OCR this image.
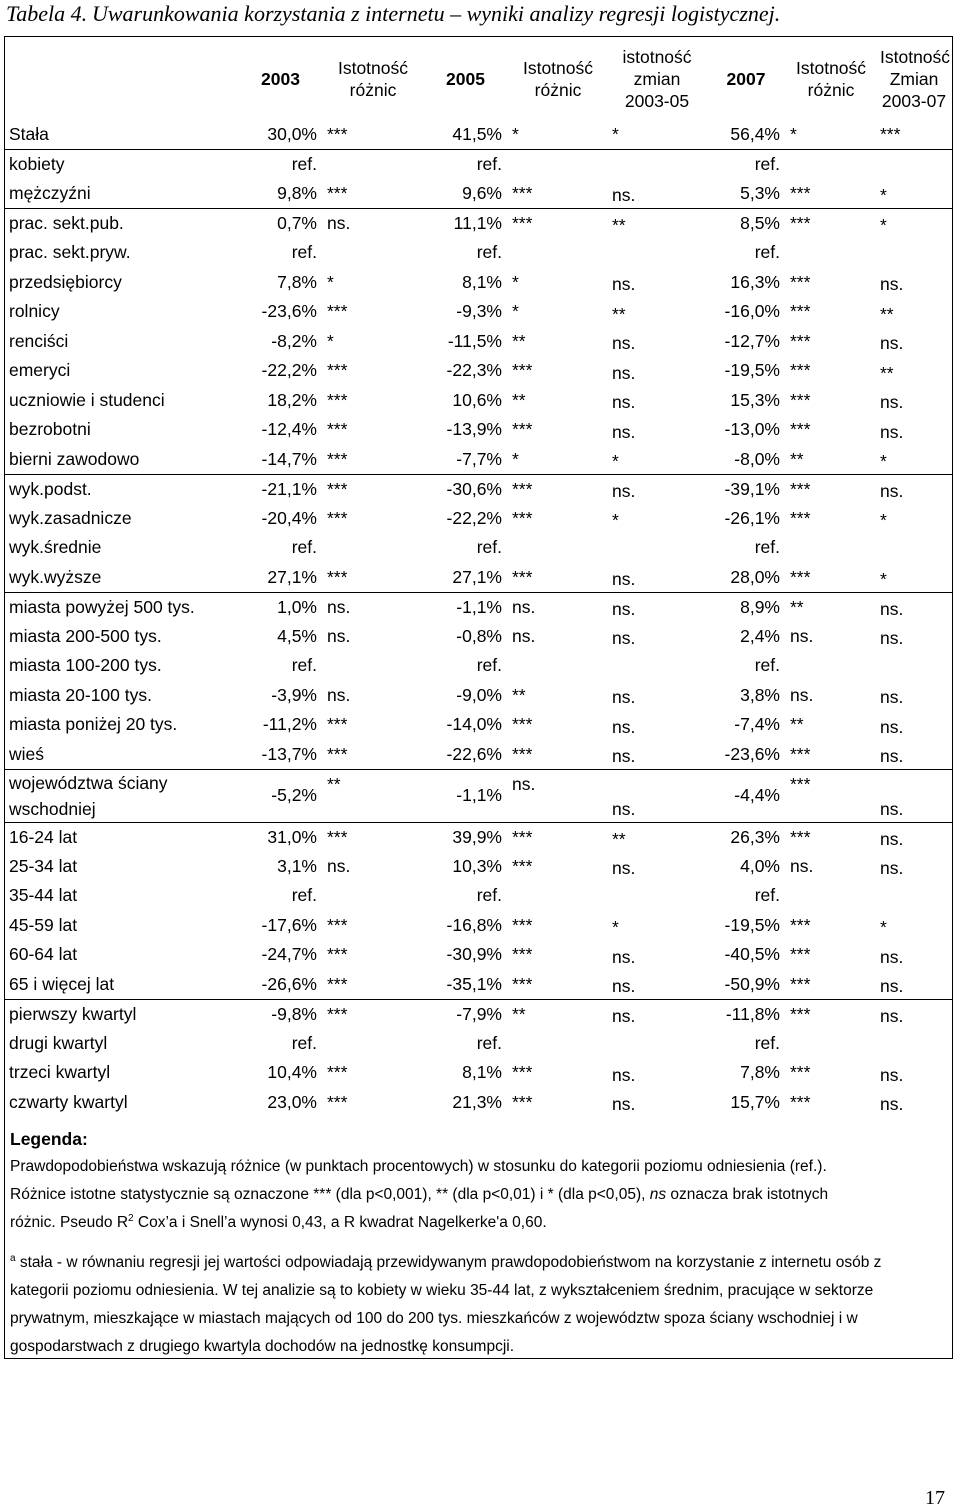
Tabela 4. Uwarunkowania korzystania z internetu – wyniki analizy regresji logistycznej.
	2003	Istotność różnic	2005	Istotność różnic	istotność zmian 2003-05	2007	Istotność różnic	Istotność Zmian 2003-07
Stała	30,0%	***	41,5%	*	*	56,4%	*	***
kobiety	ref.		ref.			ref.		
mężczyźni	9,8%	***	9,6%	***	ns.	5,3%	***	*
prac. sekt.pub.	0,7%	ns.	11,1%	***	**	8,5%	***	*
prac. sekt.pryw.	ref.		ref.			ref.		
przedsiębiorcy	7,8%	*	8,1%	*	ns.	16,3%	***	ns.
rolnicy	-23,6%	***	-9,3%	*	**	-16,0%	***	**
renciści	-8,2%	*	-11,5%	**	ns.	-12,7%	***	ns.
emeryci	-22,2%	***	-22,3%	***	ns.	-19,5%	***	**
uczniowie i studenci	18,2%	***	10,6%	**	ns.	15,3%	***	ns.
bezrobotni	-12,4%	***	-13,9%	***	ns.	-13,0%	***	ns.
bierni zawodowo	-14,7%	***	-7,7%	*	*	-8,0%	**	*
wyk.podst.	-21,1%	***	-30,6%	***	ns.	-39,1%	***	ns.
wyk.zasadnicze	-20,4%	***	-22,2%	***	*	-26,1%	***	*
wyk.średnie	ref.		ref.			ref.		
wyk.wyższe	27,1%	***	27,1%	***	ns.	28,0%	***	*
miasta powyżej 500 tys.	1,0%	ns.	-1,1%	ns.	ns.	8,9%	**	ns.
miasta 200-500 tys.	4,5%	ns.	-0,8%	ns.	ns.	2,4%	ns.	ns.
miasta 100-200 tys.	ref.		ref.			ref.		
miasta 20-100 tys.	-3,9%	ns.	-9,0%	**	ns.	3,8%	ns.	ns.
miasta poniżej 20 tys.	-11,2%	***	-14,0%	***	ns.	-7,4%	**	ns.
wieś	-13,7%	***	-22,6%	***	ns.	-23,6%	***	ns.
województwa ściany wschodniej	-5,2%	**	-1,1%	ns.	ns.	-4,4%	***	ns.
16-24 lat	31,0%	***	39,9%	***	**	26,3%	***	ns.
25-34 lat	3,1%	ns.	10,3%	***	ns.	4,0%	ns.	ns.
35-44 lat	ref.		ref.			ref.		
45-59 lat	-17,6%	***	-16,8%	***	*	-19,5%	***	*
60-64 lat	-24,7%	***	-30,9%	***	ns.	-40,5%	***	ns.
65 i więcej lat	-26,6%	***	-35,1%	***	ns.	-50,9%	***	ns.
pierwszy kwartyl	-9,8%	***	-7,9%	**	ns.	-11,8%	***	ns.
drugi kwartyl	ref.		ref.			ref.		
trzeci kwartyl	10,4%	***	8,1%	***	ns.	7,8%	***	ns.
czwarty kwartyl	23,0%	***	21,3%	***	ns.	15,7%	***	ns.
Legenda:

Prawdopodobieństwa wskazują różnice (w punktach procentowych) w stosunku do kategorii poziomu odniesienia (ref.).

Różnice istotne statystycznie są oznaczone *** (dla p<0,001), ** (dla p<0,01) i * (dla p<0,05), ns oznacza brak istotnych

różnic. Pseudo $R^2$ Cox’a i Snell’a wynosi 0,43, a R kwadrat Nagelkerke'a 0,60.

$^a$ stała - w równaniu regresji jej wartości odpowiadają przewidywanym prawdopodobieństwom na korzystanie z internetu osób z kategorii poziomu odniesienia. W tej analizie są to kobiety w wieku 35-44 lat, z wykształceniem średnim, pracujące w sektorze prywatnym, mieszkające w miastach mających od 100 do 200 tys. mieszkańców z województw spoza ściany wschodniej i w gospodarstwach z drugiego kwartyla dochodów na jednostkę konsumpcji.

17
